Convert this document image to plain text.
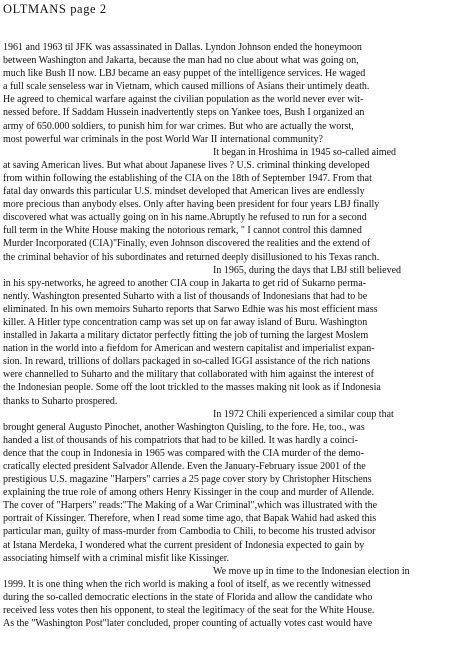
OLTMANS page 2
1961 and 1963 til JFK was assassinated in Dallas. Lyndon Johnson ended the honeymoon
between Washington and Jakarta, because the man had no clue about what was going on,
much like Bush II now. LBJ became an easy puppet of the intelligence services. He waged
a full scale senseless war in Vietnam, which caused millions of Asians their untimely death.
He agreed to chemical warfare against the civilian population as the world never ever wit-
nessed before. If Saddam Hussein inadvertently steps on Yankee toes, Bush I organized an
army of 650.000 soldiers, to punish him for war crimes. But who are actually the worst,
most powerful war criminals in the post World War II international community?
It began in Hroshima in 1945 so-called aimed
at saving American lives. But what about Japanese lives ? U.S. criminal thinking developed
from within following the establishing of the CIA on the 18th of September 1947. From that
fatal day onwards this particular U.S. mindset developed that American lives are endlessly
more precious than anybody elses. Only after having been president for four years LBJ finally
discovered what was actually going on in his name.Abruptly he refused to run for a second
full term in the White House making the notorious remark, " I cannot control this damned
Murder Incorporated (CIA)"Finally, even Johnson discovered the realities and the extend of
the criminal behavior of his subordinates and returned deeply disillusioned to his Texas ranch.
In 1965, during the days that LBJ still believed
in his spy-networks, he agreed to another CIA coup in Jakarta to get rid of Sukarno perma-
nently. Washington presented Suharto with a list of thousands of Indonesians that had to be
eliminated. In his own memoirs Suharto reports that Sarwo Edhie was his most efficient mass
killer. A Hitler type concentration camp was set up on far away island of Buru. Washington
installed in Jakarta a military dictator perfectly fitting the job of turning the largest Moslem
nation in the world into a fiefdom for American and western capitalist and imperialist expan-
sion. In reward, trillions of dollars packaged in so-called IGGI assistance of the rich nations
were channelled to Suharto and the military that collaborated with him against the interest of
the Indonesian people. Some off the loot trickled to the masses making nit look as if Indonesia
thanks to Suharto prospered.
In 1972 Chili experienced a similar coup that
brought general Augusto Pinochet, another Washington Quisling, to the fore. He, too., was
handed a list of thousands of his compatriots that had to be killed. It was hardly a coinci-
dence that the coup in Indonesia in 1965 was compared with the CIA murder of the demo-
cratically elected president Salvador Allende. Even the January-February issue 2001 of the
prestigious U.S. magazine "Harpers" carries a 25 page cover story by Christopher Hitschens
explaining the true role of among others Henry Kissinger in the coup and murder of Allende.
The cover of "Harpers" reads:"The Making of a War Criminal",which was illustrated with the
portrait of Kissinger. Therefore, when I read some time ago, that Bapak Wahid had asked this
particular man, guilty of mass-murder from Cambodia to Chili, to become his trusted advisor
at Istana Merdeka, I wondered what the current president of Indonesia expected to gain by
associating himself with a criminal misfit like Kissinger.
We move up in time to the Indonesian election in
1999. It is one thing when the rich world is making a fool of itself, as we recently witnessed
during the so-called democratic elections in the state of Florida and allow the candidate who
received less votes then his opponent, to steal the legitimacy of the seat for the White House.
As the "Washington Post"later concluded, proper counting of actually votes cast would have
